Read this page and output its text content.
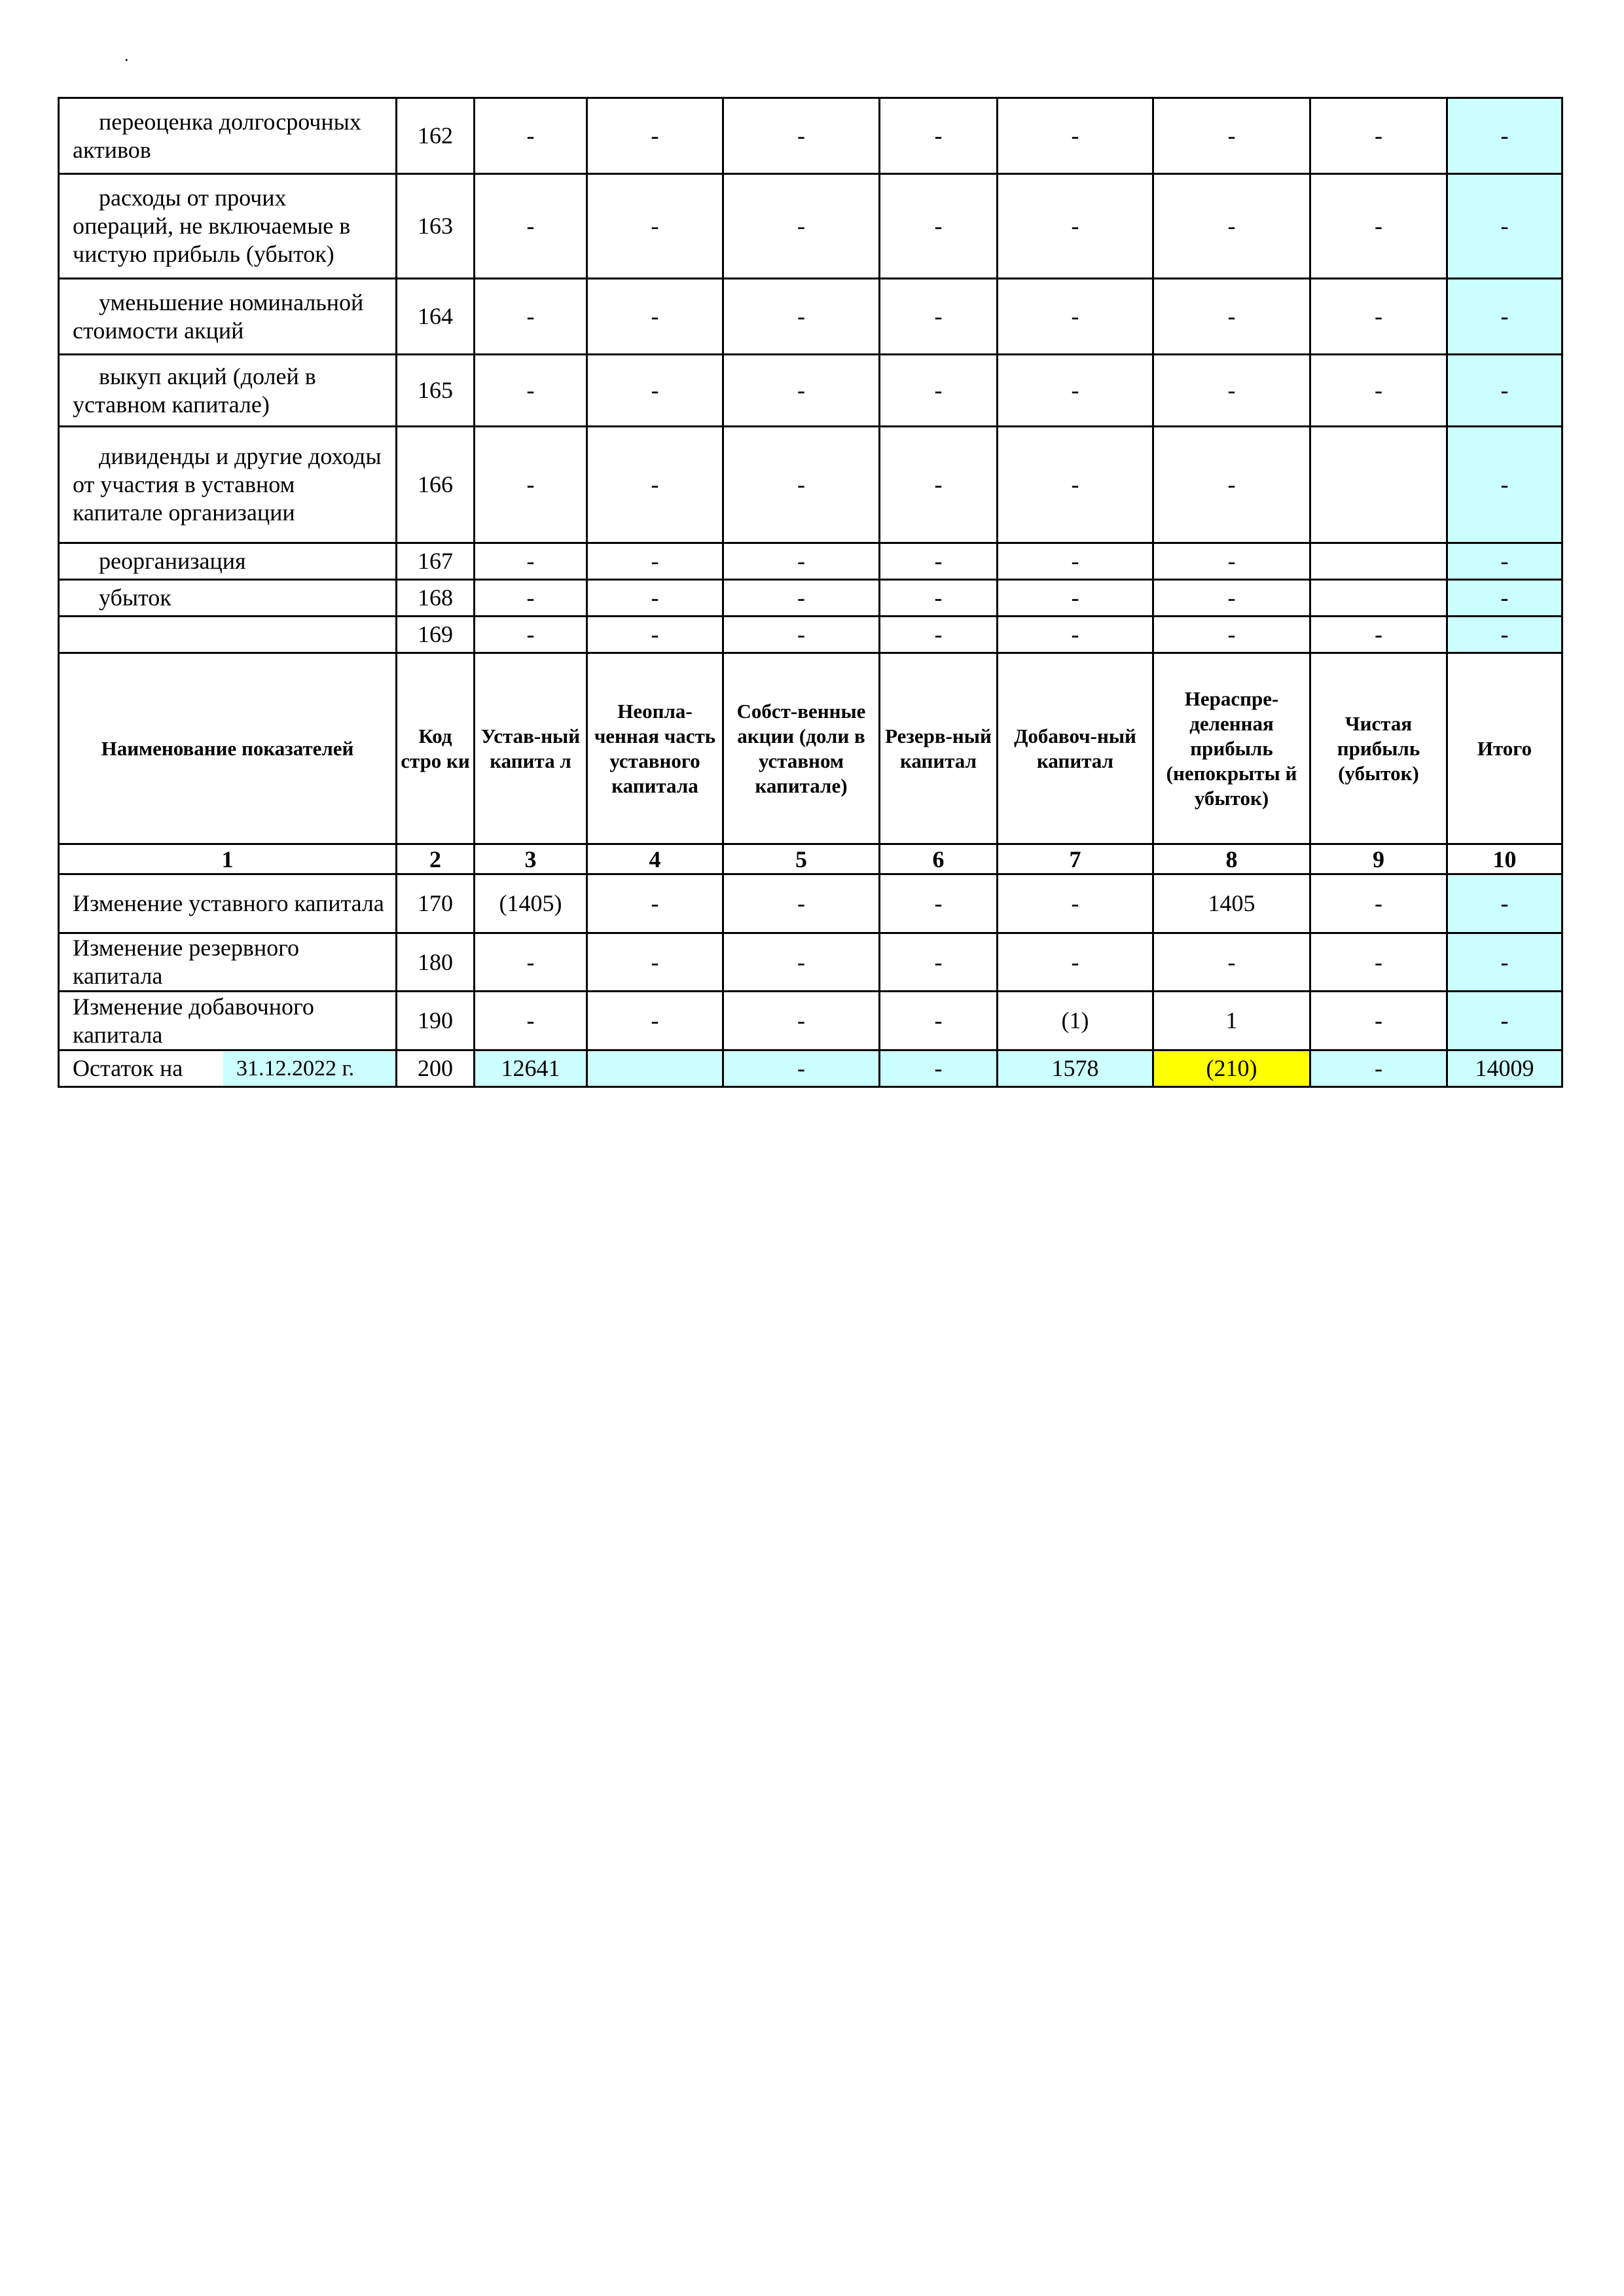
.
переоценка долгосрочных активов	162	-	-	-	-	-	-	-	-
расходы от прочих операций, не включаемые в чистую прибыль (убыток)	163	-	-	-	-	-	-	-	-
уменьшение номинальной стоимости акций	164	-	-	-	-	-	-	-	-
выкуп акций (долей в уставном капитале)	165	-	-	-	-	-	-	-	-
дивиденды и другие доходы от участия в уставном капитале организации	166	-	-	-	-	-	-		-
реорганизация	167	-	-	-	-	-	-		-
убыток	168	-	-	-	-	-	-		-
	169	-	-	-	-	-	-	-	-
Наименование показателей	Код стро ки	Устав-ный капита л	Неопла-ченная часть уставного капитала	Собст-венные акции (доли в уставном капитале)	Резерв-ный капитал	Добавоч-ный капитал	Нераспре-деленная прибыль (непокрыты й убыток)	Чистая прибыль (убыток)	Итого
1	2	3	4	5	6	7	8	9	10
Изменение уставного капитала	170	(1405)	-	-	-	-	1405	-	-
Изменение резервного капитала	180	-	-	-	-	-	-	-	-
Изменение добавочного капитала	190	-	-	-	-	(1)	1	-	-

Остаток на 31.12.2022 г.	200	12641		-	-	1578	(210)	-	14009
